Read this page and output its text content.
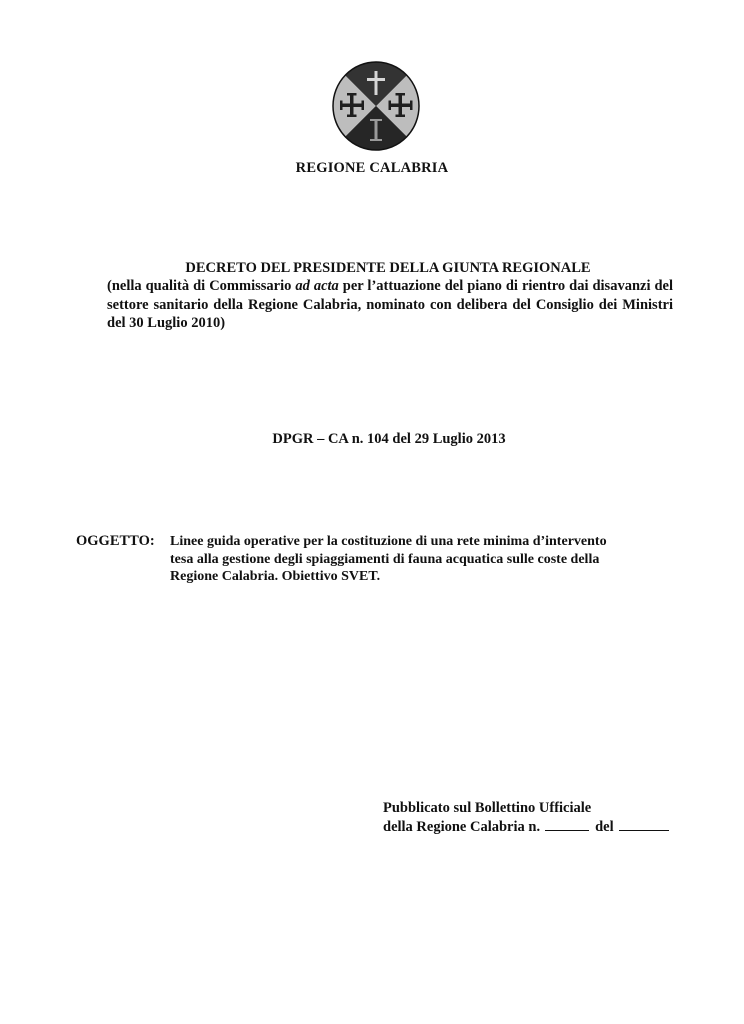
REGIONE CALABRIA
DECRETO DEL PRESIDENTE DELLA GIUNTA REGIONALE
(nella qualità di Commissario ad acta per l’attuazione del piano di rientro dai disavanzi del settore sanitario della Regione Calabria, nominato con delibera del Consiglio dei Ministri del 30 Luglio 2010)
DPGR – CA n. 104 del 29 Luglio 2013
OGGETTO: Linee guida operative per la costituzione di una rete minima d’intervento
tesa alla gestione degli spiaggiamenti di fauna acquatica sulle coste della
Regione Calabria. Obiettivo SVET.
Pubblicato sul Bollettino Ufficiale
della Regione Calabria n.	del
